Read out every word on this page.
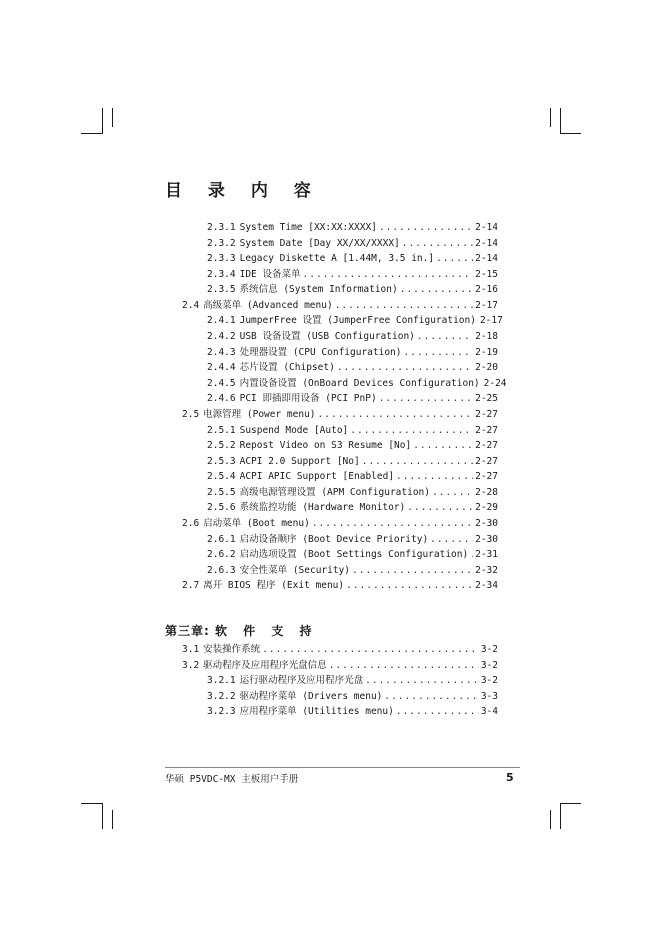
目 录 内 容
2.3.1 System Time [XX:XX:XXXX] .....	2-14
2.3.2 System Date [Day XX/XX/XXXX] .....	2-14
2.3.3 Legacy Diskette A [1.44M, 3.5 in.] .....	2-14
2.3.4 IDE 设备菜单 .....	2-15
2.3.5 系统信息 (System Information) .....	2-16
2.4 高级菜单 (Advanced menu) .....	2-17
2.4.1 JumperFree 设置 (JumperFree Configuration) 2-17
2.4.2 USB 设备设置 (USB Configuration) .....	2-18
2.4.3 处理器设置 (CPU Configuration) .....	2-19
2.4.4 芯片设置 (Chipset) .....	2-20
2.4.5 内置设备设置 (OnBoard Devices Configuration) 2-24
2.4.6 PCI 即插即用设备 (PCI PnP) .....	2-25
2.5 电源管理 (Power menu) .....	2-27
2.5.1 Suspend Mode [Auto] .....	2-27
2.5.2 Repost Video on S3 Resume [No] .....	2-27
2.5.3 ACPI 2.0 Support [No] .....	2-27
2.5.4 ACPI APIC Support [Enabled] .....	2-27
2.5.5 高级电源管理设置 (APM Configuration) .....	2-28
2.5.6 系统监控功能 (Hardware Monitor) .....	2-29
2.6 启动菜单 (Boot menu) .....	2-30
2.6.1 启动设备顺序 (Boot Device Priority) .....	2-30
2.6.2 启动选项设置 (Boot Settings Configuration) ..... 2-31
2.6.3 安全性菜单 (Security) .....	2-32
2.7 离开 BIOS 程序 (Exit menu) .....	2-34
第三章: 软 件 支 持
3.1 安装操作系统 .....	3-2
3.2 驱动程序及应用程序光盘信息 .....	3-2
3.2.1 运行驱动程序及应用程序光盘 .....	3-2
3.2.2 驱动程序菜单 (Drivers menu) .....	3-3
3.2.3 应用程序菜单 (Utilities menu) .....	3-4
华硕 P5VDC-MX 主板用户手册	5
